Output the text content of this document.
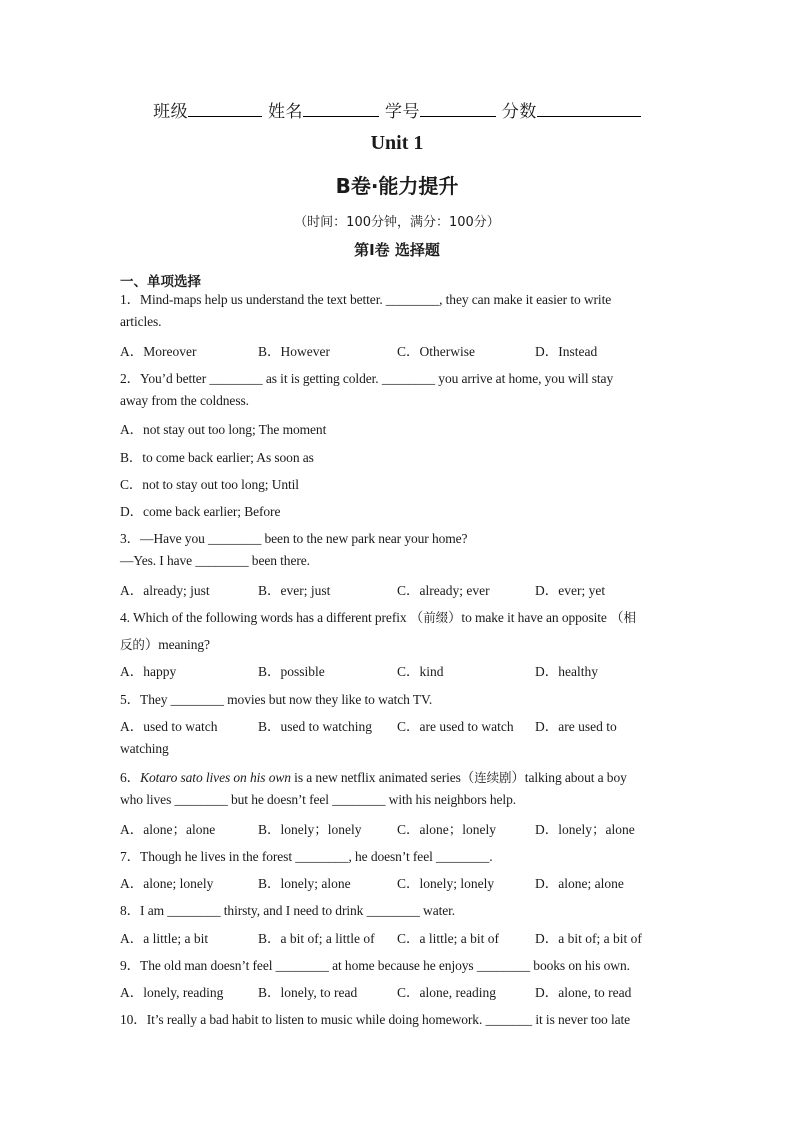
班级	姓名	学号	分数
Unit 1
B卷·能力提升
（时间：100分钟，满分：100分）
第I卷 选择题
一、单项选择
1．Mind-maps help us understand the text better. ________, they can make it easier to write
articles.
A．Moreover	B．However	C．Otherwise	D．Instead
2．You’d better ________ as it is getting colder. ________ you arrive at home, you will stay
away from the coldness.
A．not stay out too long; The moment
B．to come back earlier; As soon as
C．not to stay out too long; Until
D．come back earlier; Before
3．—Have you ________ been to the new park near your home?
—Yes. I have ________ been there.
A．already; just	B．ever; just	C．already; ever	D．ever; yet
4. Which of the following words has a different prefix （前缀）to make it have an opposite （相
反的）meaning?
A．happy	B．possible	C．kind	D．healthy
5．They ________ movies but now they like to watch TV.
A．used to watch	B．used to watching C．are used to watch D．are used to
watching
6．Kotaro sato lives on his own is a new netflix animated series（连续剧）talking about a boy
who lives ________ but he doesn’t feel ________ with his neighbors help.
A．alone；alone	B．lonely；lonely	C．alone；lonely	D．lonely；alone
7．Though he lives in the forest ________, he doesn’t feel ________.
A．alone; lonely	B．lonely; alone	C．lonely; lonely	D．alone; alone
8．I am ________ thirsty, and I need to drink ________ water.
A．a little; a bit	B．a bit of; a little of C．a little; a bit of	D．a bit of; a bit of
9．The old man doesn’t feel ________ at home because he enjoys ________ books on his own.
A．lonely, reading	B．lonely, to read	C．alone, reading	D．alone, to read
10．It’s really a bad habit to listen to music while doing homework. _______ it is never too late
